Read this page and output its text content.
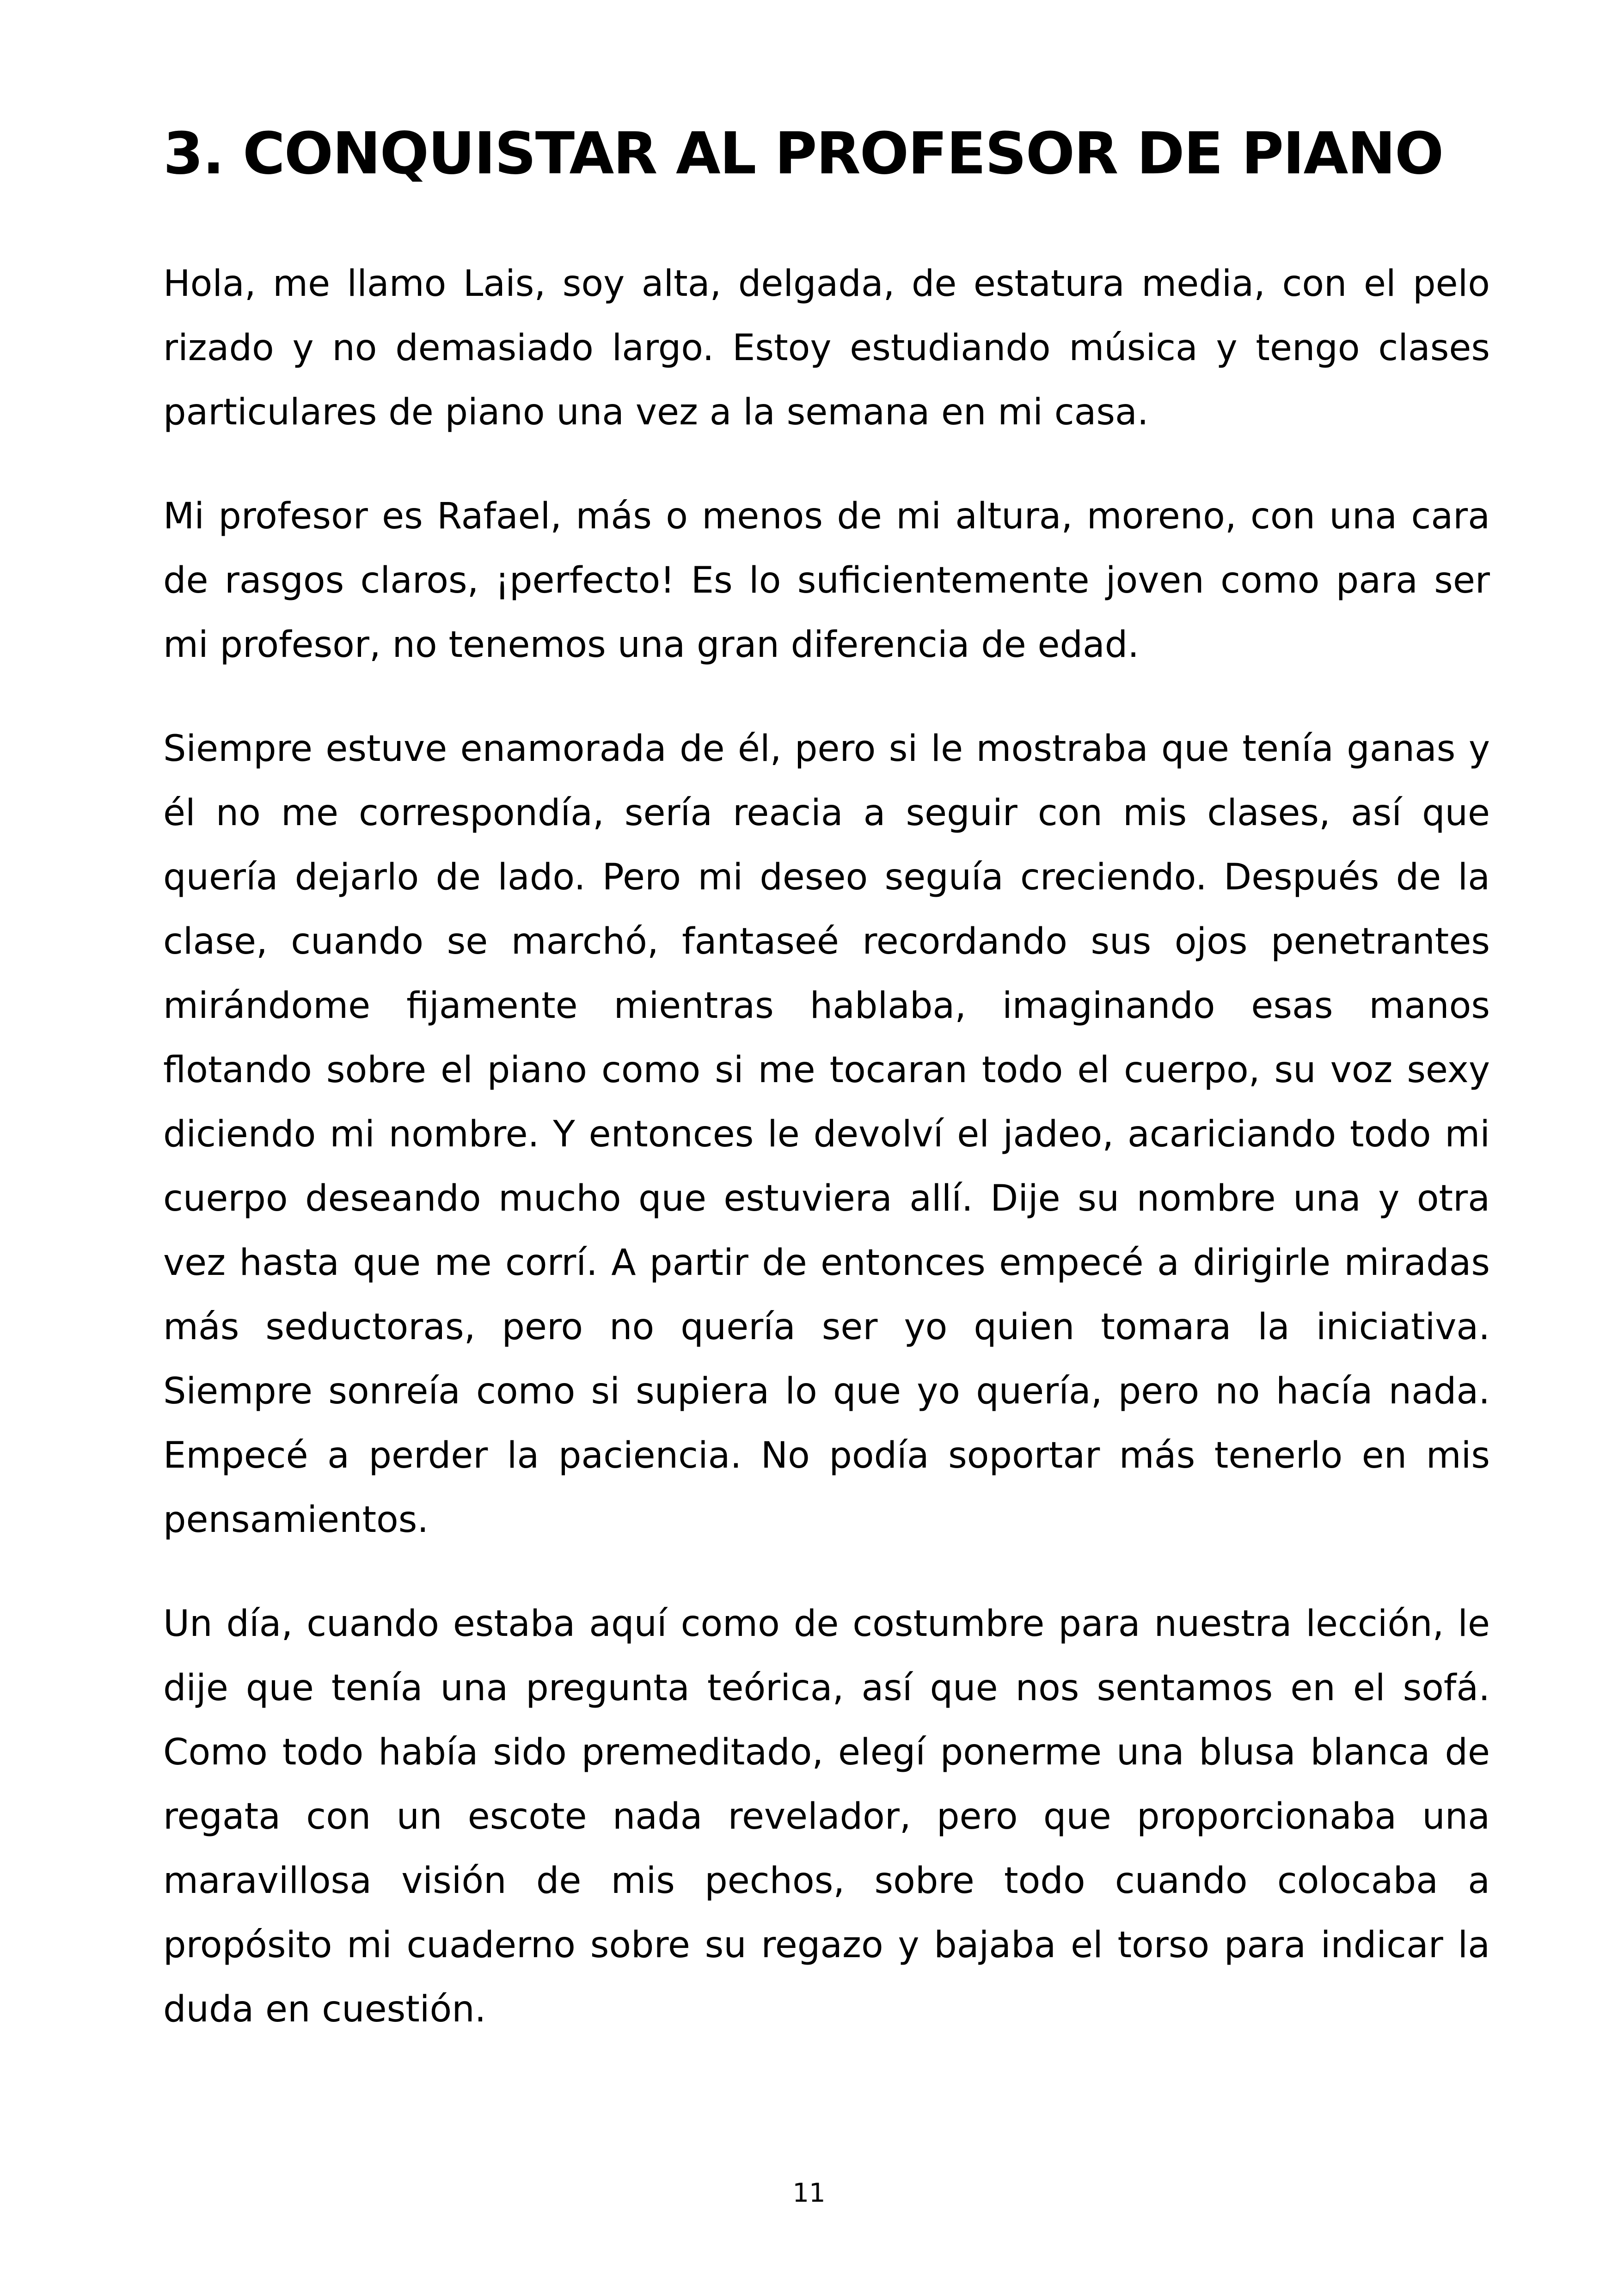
3. CONQUISTAR AL PROFESOR DE PIANO

Hola, me llamo Lais, soy alta, delgada, de estatura media, con el pelo rizado y no demasiado largo. Estoy estudiando música y tengo clases particulares de piano una vez a la semana en mi casa.

Mi profesor es Rafael, más o menos de mi altura, moreno, con una cara de rasgos claros, ¡perfecto! Es lo suficientemente joven como para ser mi profesor, no tenemos una gran diferencia de edad.

Siempre estuve enamorada de él, pero si le mostraba que tenía ganas y él no me correspondía, sería reacia a seguir con mis clases, así que quería dejarlo de lado. Pero mi deseo seguía creciendo. Después de la clase, cuando se marchó, fantaseé recordando sus ojos penetrantes mirándome fijamente mientras hablaba, imaginando esas manos flotando sobre el piano como si me tocaran todo el cuerpo, su voz sexy diciendo mi nombre. Y entonces le devolví el jadeo, acariciando todo mi cuerpo deseando mucho que estuviera allí. Dije su nombre una y otra vez hasta que me corrí. A partir de entonces empecé a dirigirle miradas más seductoras, pero no quería ser yo quien tomara la iniciativa. Siempre sonreía como si supiera lo que yo quería, pero no hacía nada. Empecé a perder la paciencia. No podía soportar más tenerlo en mis pensamientos.

Un día, cuando estaba aquí como de costumbre para nuestra lección, le dije que tenía una pregunta teórica, así que nos sentamos en el sofá. Como todo había sido premeditado, elegí ponerme una blusa blanca de regata con un escote nada revelador, pero que proporcionaba una maravillosa visión de mis pechos, sobre todo cuando colocaba a propósito mi cuaderno sobre su regazo y bajaba el torso para indicar la duda en cuestión.

11
